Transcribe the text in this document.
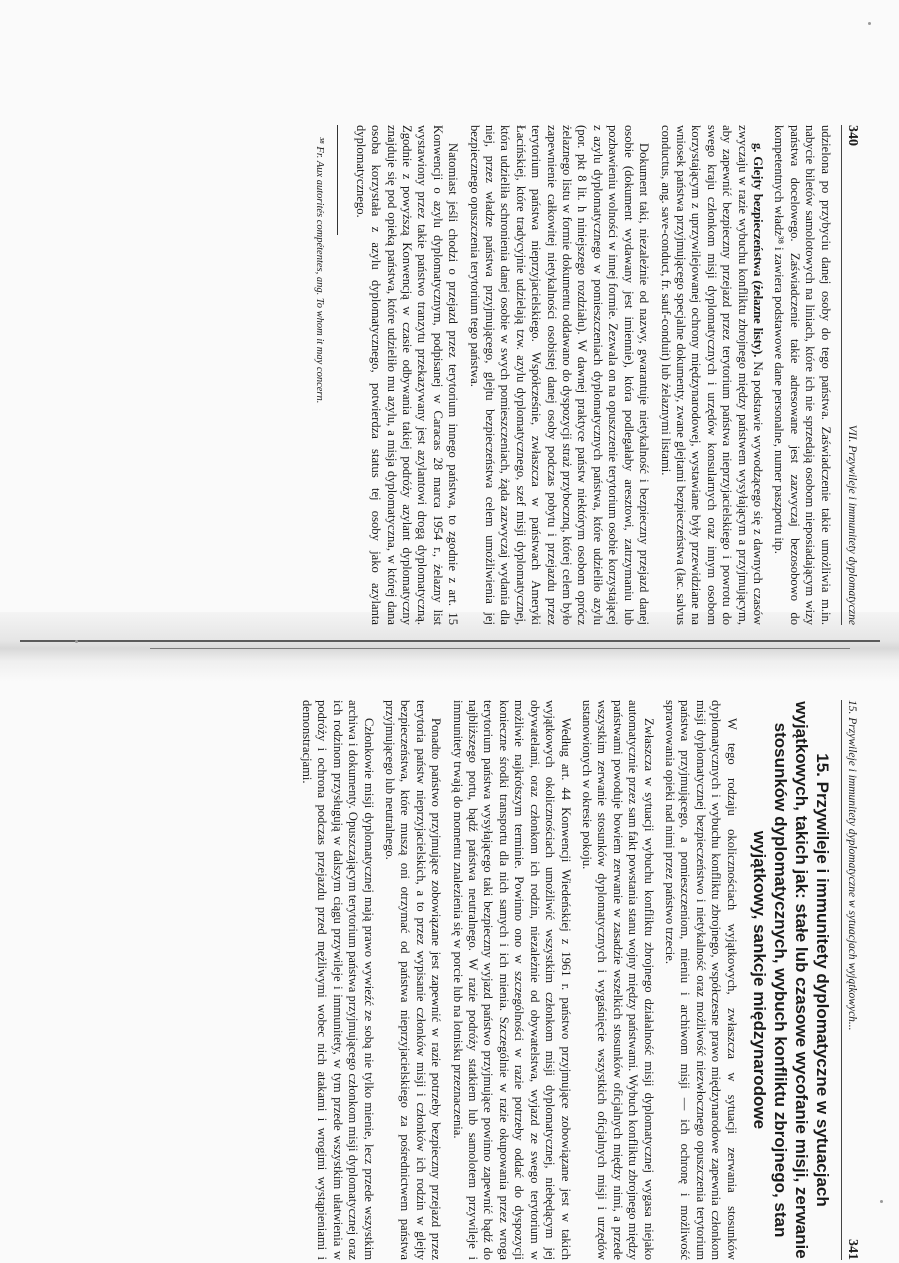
340
VII. Przywileje i immunitety dyplomatyczne

udzielona po przybyciu danej osoby do tego państwa. Zaświadczenie takie umożliwia m.in. nabycie biletów samolotowych na liniach, które ich nie sprzedają osobom nieposiadającym wizy państwa docelowego. Zaświadczenie takie adresowane jest zazwyczaj bezosobowo do kompetentnych władz³⁸ i zawiera podstawowe dane personalne, numer paszportu itp.

g. Glejty bezpieczeństwa (żelazne listy). Na podstawie wywodzącego się z dawnych czasów zwyczaju w razie wybuchu konfliktu zbrojnego między państwem wysyłającym a przyjmującym, aby zapewnić bezpieczny przejazd przez terytorium państwa nieprzyjacielskiego i powrotu do swego kraju członkom misji dyplomatycznych i urzędów konsularnych oraz innym osobom korzystającym z uprzywilejowanej ochrony międzynarodowej, wystawiane były przewidziane na wniosek państwa przyjmującego specjalne dokumenty, zwane glejtami bezpieczeństwa (łac. salvus conductus, ang. save-conduct, fr. sauf-conduit) lub żelaznymi listami.

Dokument taki, niezależnie od nazwy, gwarantuje nietykalność i bezpieczny przejazd danej osobie (dokument wydawany jest imiennie), która podlegałaby aresztowi, zatrzymaniu lub pozbawieniu wolności w innej formie. Zezwala on na opuszczenie terytorium osobie korzystającej z azylu dyplomatycznego w pomieszczeniach dyplomatycznych państwa, które udzieliło azylu (por. pkt 8 lit. h niniejszego rozdziału). W dawnej praktyce państw niektórym osobom oprócz żelaznego listu w formie dokumentu oddawano do dyspozycji straż przybocznq, której celem było zapewnienie całkowitej nietykalności osobistej danej osoby podczas pobytu i przejazdu przez terytorium państwa nieprzyjacielskiego. Współcześnie, zwłaszcza w państwach Ameryki Łacińskiej, które tradycyjnie udzielają tzw. azylu dyplomatycznego, szef misji dyplomatycznej, która udzieliła schronienia danej osobie w swych pomieszczeniach, żąda zazwyczaj wydania dla niej, przez władze państwa przyjmującego, glejtu bezpieczeństwa celem umożliwienia jej bezpiecznego opuszczenia terytorium tego państwa.

Natomiast jeśli chodzi o przejazd przez terytorium innego państwa, to zgodnie z art. 15 Konwencji o azylu dyplomatycznym, podpisanej w Caracas 28 marca 1954 r., żelazny list wystawiony przez takie państwo tranzytu przekazywany jest azylantowi drogą dyplomatyczną. Zgodnie z powyższą Konwencją w czasie odbywania takiej podróży azylant dyplomatyczny znajduje się pod opieką państwa, które udzieliło mu azylu, a misja dyplomatyczna, w której dana osoba korzystała z azylu dyplomatycznego, potwierdza status tej osoby jako azylanta dyplomatycznego.

³⁸ Fr. Aux autorités compétentes, ang. To whom it may concern.

15. Przywileje i immunitety dyplomatyczne w sytuacjach wyjątkowych...
341
15. Przywileje i immunitety dyplomatyczne w sytuacjach wyjątkowych, takich jak: stałe lub czasowe wycofanie misji, zerwanie stosunków dyplomatycznych, wybuch konfliktu zbrojnego, stan wyjątkowy, sankcje międzynarodowe

W tego rodzaju okolicznościach wyjątkowych, zwłaszcza w sytuacji zerwania stosunków dyplomatycznych i wybuchu konfliktu zbrojnego, współczesne prawo międzynarodowe zapewnia członkom misji dyplomatycznej bezpieczeństwo i nietykalność oraz możliwość niezwłocznego opuszczenia terytorium państwa przyjmującego, a pomieszczeniom, mieniu i archiwom misji — ich ochronę i możliwość sprawowania opieki nad nimi przez państwo trzecie.

Zwłaszcza w sytuacji wybuchu konfliktu zbrojnego działalność misji dyplomatycznej wygasa niejako automatycznie przez sam fakt powstania stanu wojny między państwami. Wybuch konfliktu zbrojnego między państwami powoduje bowiem zerwanie w zasadzie wszelkich stosunków oficjalnych między nimi, a przede wszystkim zerwanie stosunków dyplomatycznych i wygaśnięcie wszystkich oficjalnych misji i urzędów ustanowionych w okresie pokoju.

Według art. 44 Konwencji Wiedeńskiej z 1961 r. państwo przyjmujące zobowiązane jest w takich wyjątkowych okolicznościach umożliwić wszystkim członkom misji dyplomatycznej, niebędącym jej obywatelami, oraz członkom ich rodzin, niezależnie od obywatelstwa, wyjazd ze swego terytorium w możliwie najkrótszym terminie. Powinno ono w szczególności w razie potrzeby oddać do dyspozycji konieczne środki transportu dla nich samych i ich mienia. Szczególnie w razie okupowania przez wroga terytorium państwa wysyłającego taki bezpieczny wyjazd państwo przyjmujące powinno zapewnić bądź do najbliższego portu, bądź państwa neutralnego. W razie podróży statkiem lub samolotem przywileje i immunitety trwają do momentu znalezienia się w porcie lub na lotnisku przeznaczenia.

Ponadto państwo przyjmujące zobowiązane jest zapewnić w razie potrzeby bezpieczny przejazd przez terytoria państw nieprzyjacielskich, a to przez wypisanie członków misji i członków ich rodzin w glejty bezpieczeństwa, które muszą oni otrzymać od państwa nieprzyjacielskiego za pośrednictwem państwa przyjmującego lub neutralnego.

Członkowie misji dyplomatycznej mają prawo wywieźć ze sobą nie tylko mienie, lecz przede wszystkim archiwa i dokumenty. Opuszczającym terytorium państwa przyjmującego członkom misji dyplomatycznej oraz ich rodzinom przysługują w dalszym ciągu przywileje i immunitety, w tym przede wszystkim ułatwienia w podróży i ochrona podczas przejazdu przed mężliwymi wobec nich atakami i wrogimi wystąpieniami i demonstracjami.
